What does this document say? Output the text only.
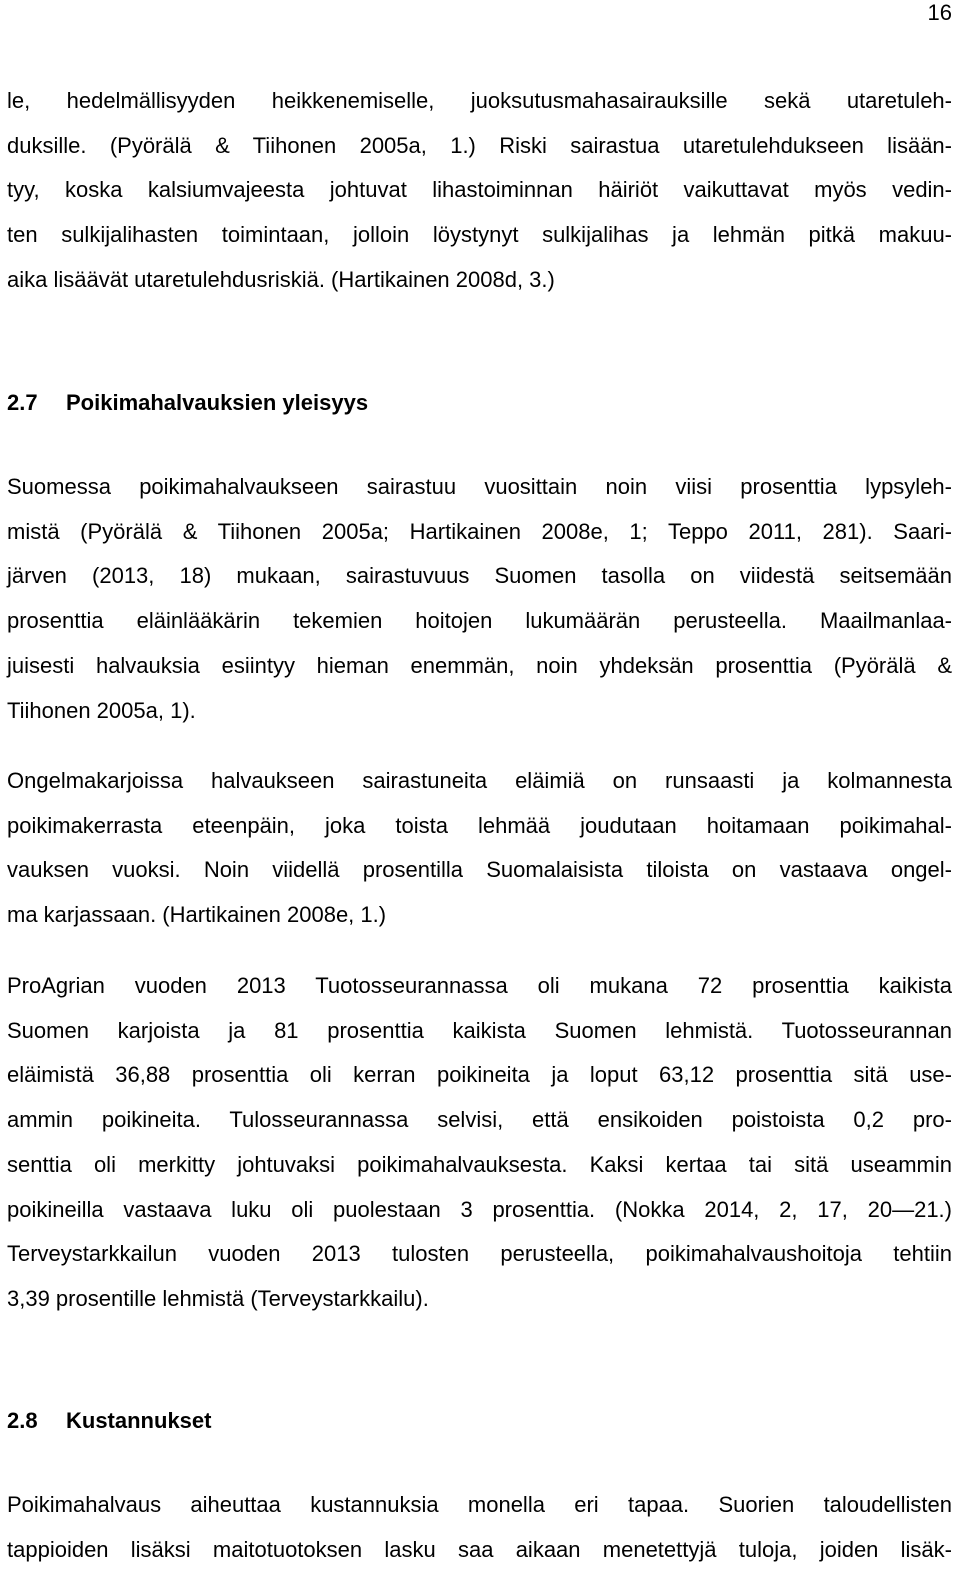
16
le, hedelmällisyyden heikkenemiselle, juoksutusmahasairauksille sekä utaretuleh-
duksille. (Pyörälä & Tiihonen 2005a, 1.) Riski sairastua utaretulehdukseen lisään-
tyy, koska kalsiumvajeesta johtuvat lihastoiminnan häiriöt vaikuttavat myös vedin-
ten sulkijalihasten toimintaan, jolloin löystynyt sulkijalihas ja lehmän pitkä makuu-
aika lisäävät utaretulehdusriskiä. (Hartikainen 2008d, 3.)
2.7 Poikimahalvauksien yleisyys
Suomessa poikimahalvaukseen sairastuu vuosittain noin viisi prosenttia lypsyleh-
mistä (Pyörälä & Tiihonen 2005a; Hartikainen 2008e, 1; Teppo 2011, 281). Saari-
järven (2013, 18) mukaan, sairastuvuus Suomen tasolla on viidestä seitsemään
prosenttia eläinlääkärin tekemien hoitojen lukumäärän perusteella. Maailmanlaa-
juisesti halvauksia esiintyy hieman enemmän, noin yhdeksän prosenttia (Pyörälä &
Tiihonen 2005a, 1).
Ongelmakarjoissa halvaukseen sairastuneita eläimiä on runsaasti ja kolmannesta
poikimakerrasta eteenpäin, joka toista lehmää joudutaan hoitamaan poikimahal-
vauksen vuoksi. Noin viidellä prosentilla Suomalaisista tiloista on vastaava ongel-
ma karjassaan. (Hartikainen 2008e, 1.)
ProAgrian vuoden 2013 Tuotosseurannassa oli mukana 72 prosenttia kaikista
Suomen karjoista ja 81 prosenttia kaikista Suomen lehmistä. Tuotosseurannan
eläimistä 36,88 prosenttia oli kerran poikineita ja loput 63,12 prosenttia sitä use-
ammin poikineita. Tulosseurannassa selvisi, että ensikoiden poistoista 0,2 pro-
senttia oli merkitty johtuvaksi poikimahalvauksesta. Kaksi kertaa tai sitä useammin
poikineilla vastaava luku oli puolestaan 3 prosenttia. (Nokka 2014, 2, 17, 20—21.)
Terveystarkkailun vuoden 2013 tulosten perusteella, poikimahalvaushoitoja tehtiin
3,39 prosentille lehmistä (Terveystarkkailu).
2.8 Kustannukset
Poikimahalvaus aiheuttaa kustannuksia monella eri tapaa. Suorien taloudellisten
tappioiden lisäksi maitotuotoksen lasku saa aikaan menetettyjä tuloja, joiden lisäk-
